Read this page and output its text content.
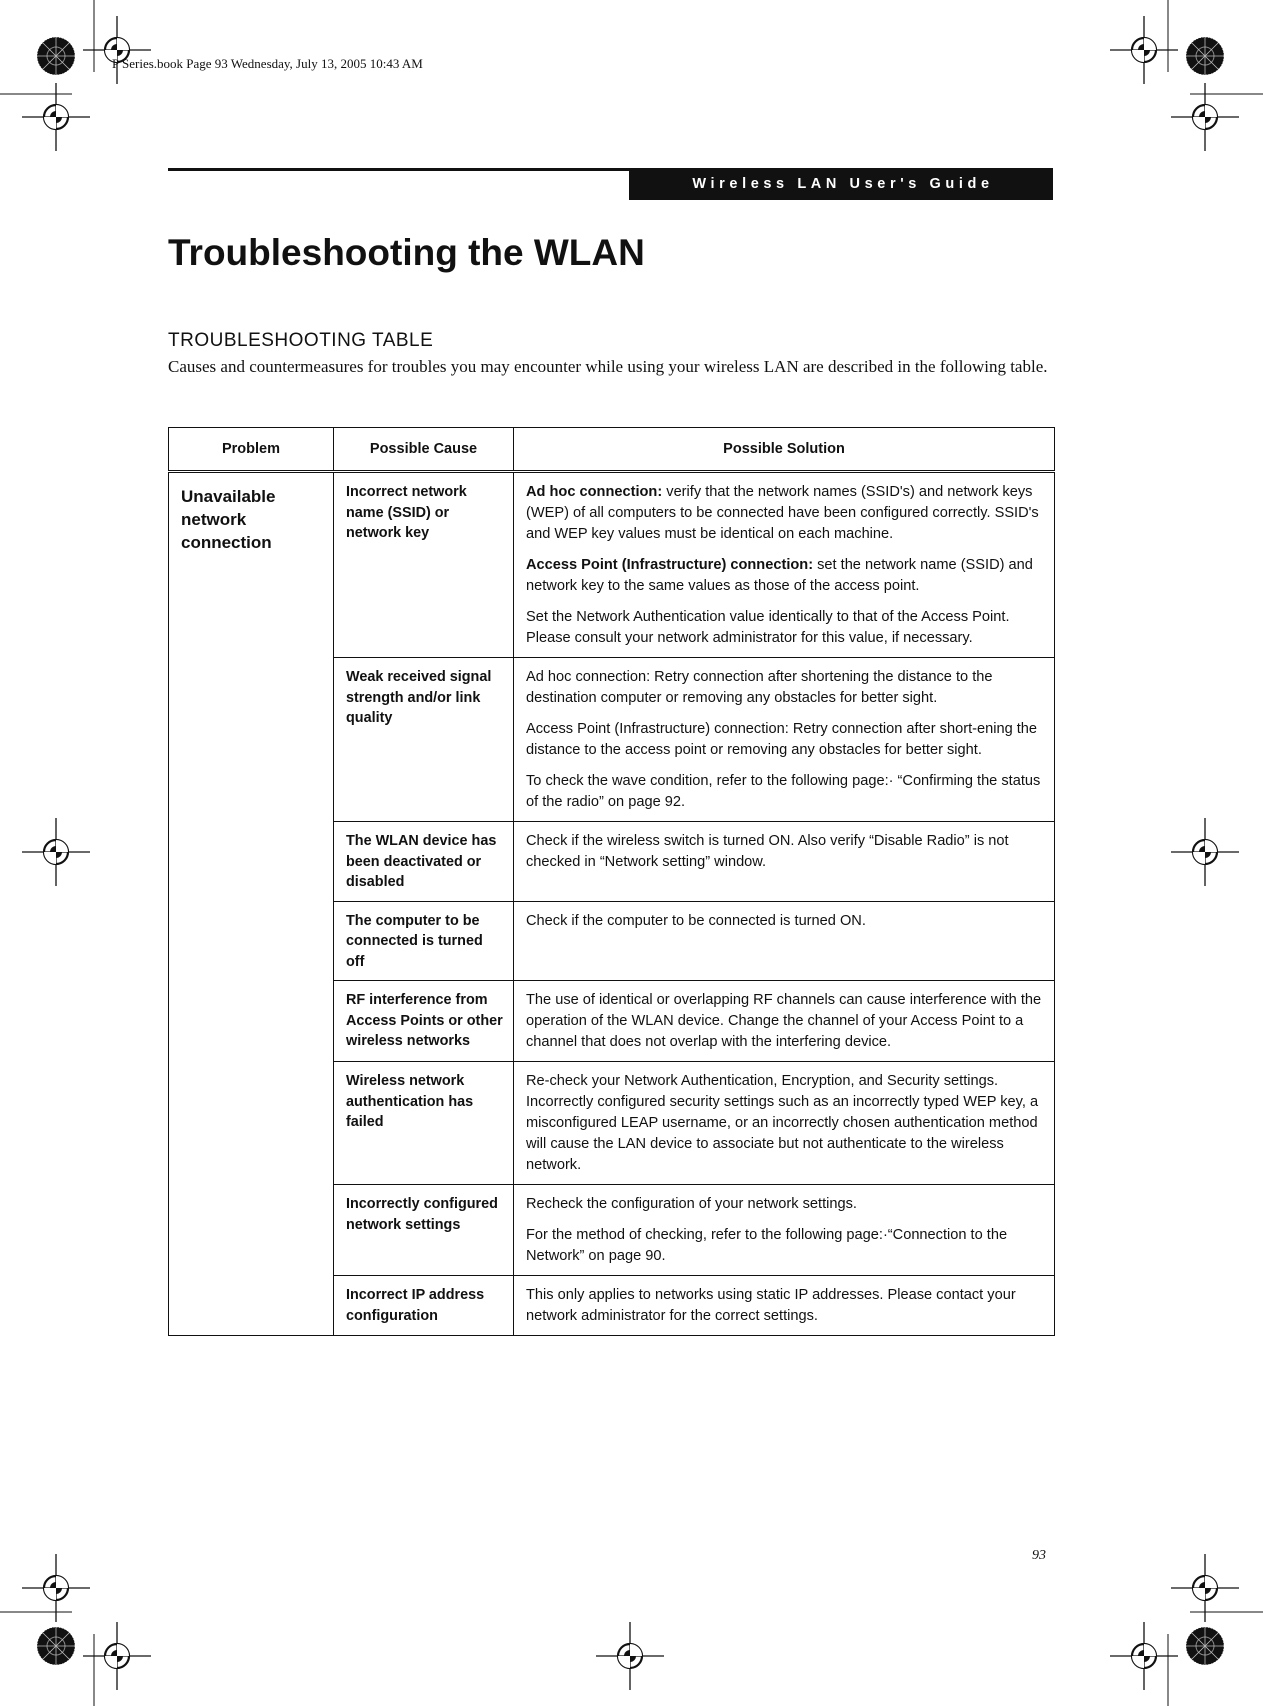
P Series.book Page 93 Wednesday, July 13, 2005 10:43 AM
Wireless LAN User's Guide
Troubleshooting the WLAN
TROUBLESHOOTING TABLE

Causes and countermeasures for troubles you may encounter while using your wireless LAN are described in the following table.

Problem	Possible Cause	Possible Solution
Unavailable network connection	Incorrect network name (SSID) or network key	Ad hoc connection: verify that the network names (SSID's) and network keys (WEP) of all computers to be connected have been configured correctly. SSID's and WEP key values must be identical on each machine.

Access Point (Infrastructure) connection: set the network name (SSID) and network key to the same values as those of the access point.

Set the Network Authentication value identically to that of the Access Point. Please consult your network administrator for this value, if necessary.

	Weak received signal strength and/or link quality	Ad hoc connection: Retry connection after shortening the distance to the destination computer or removing any obstacles for better sight.

Access Point (Infrastructure) connection: Retry connection after short-ening the distance to the access point or removing any obstacles for better sight.

To check the wave condition, refer to the following page:· “Confirming the status of the radio” on page 92.

	The WLAN device has been deactivated or disabled	Check if the wireless switch is turned ON. Also verify “Disable Radio” is not checked in “Network setting” window.

	The computer to be connected is turned off	Check if the computer to be connected is turned ON.

	RF interference from Access Points or other wireless networks	The use of identical or overlapping RF channels can cause interference with the operation of the WLAN device. Change the channel of your Access Point to a channel that does not overlap with the interfering device.

	Wireless network authentication has failed	Re-check your Network Authentication, Encryption, and Security settings. Incorrectly configured security settings such as an incorrectly typed WEP key, a misconfigured LEAP username, or an incorrectly chosen authentication method will cause the LAN device to associate but not authenticate to the wireless network.

	Incorrectly configured network settings	Recheck the configuration of your network settings.

For the method of checking, refer to the following page:·“Connection to the Network” on page 90.

	Incorrect IP address configuration	This only applies to networks using static IP addresses. Please contact your network administrator for the correct settings.

93
